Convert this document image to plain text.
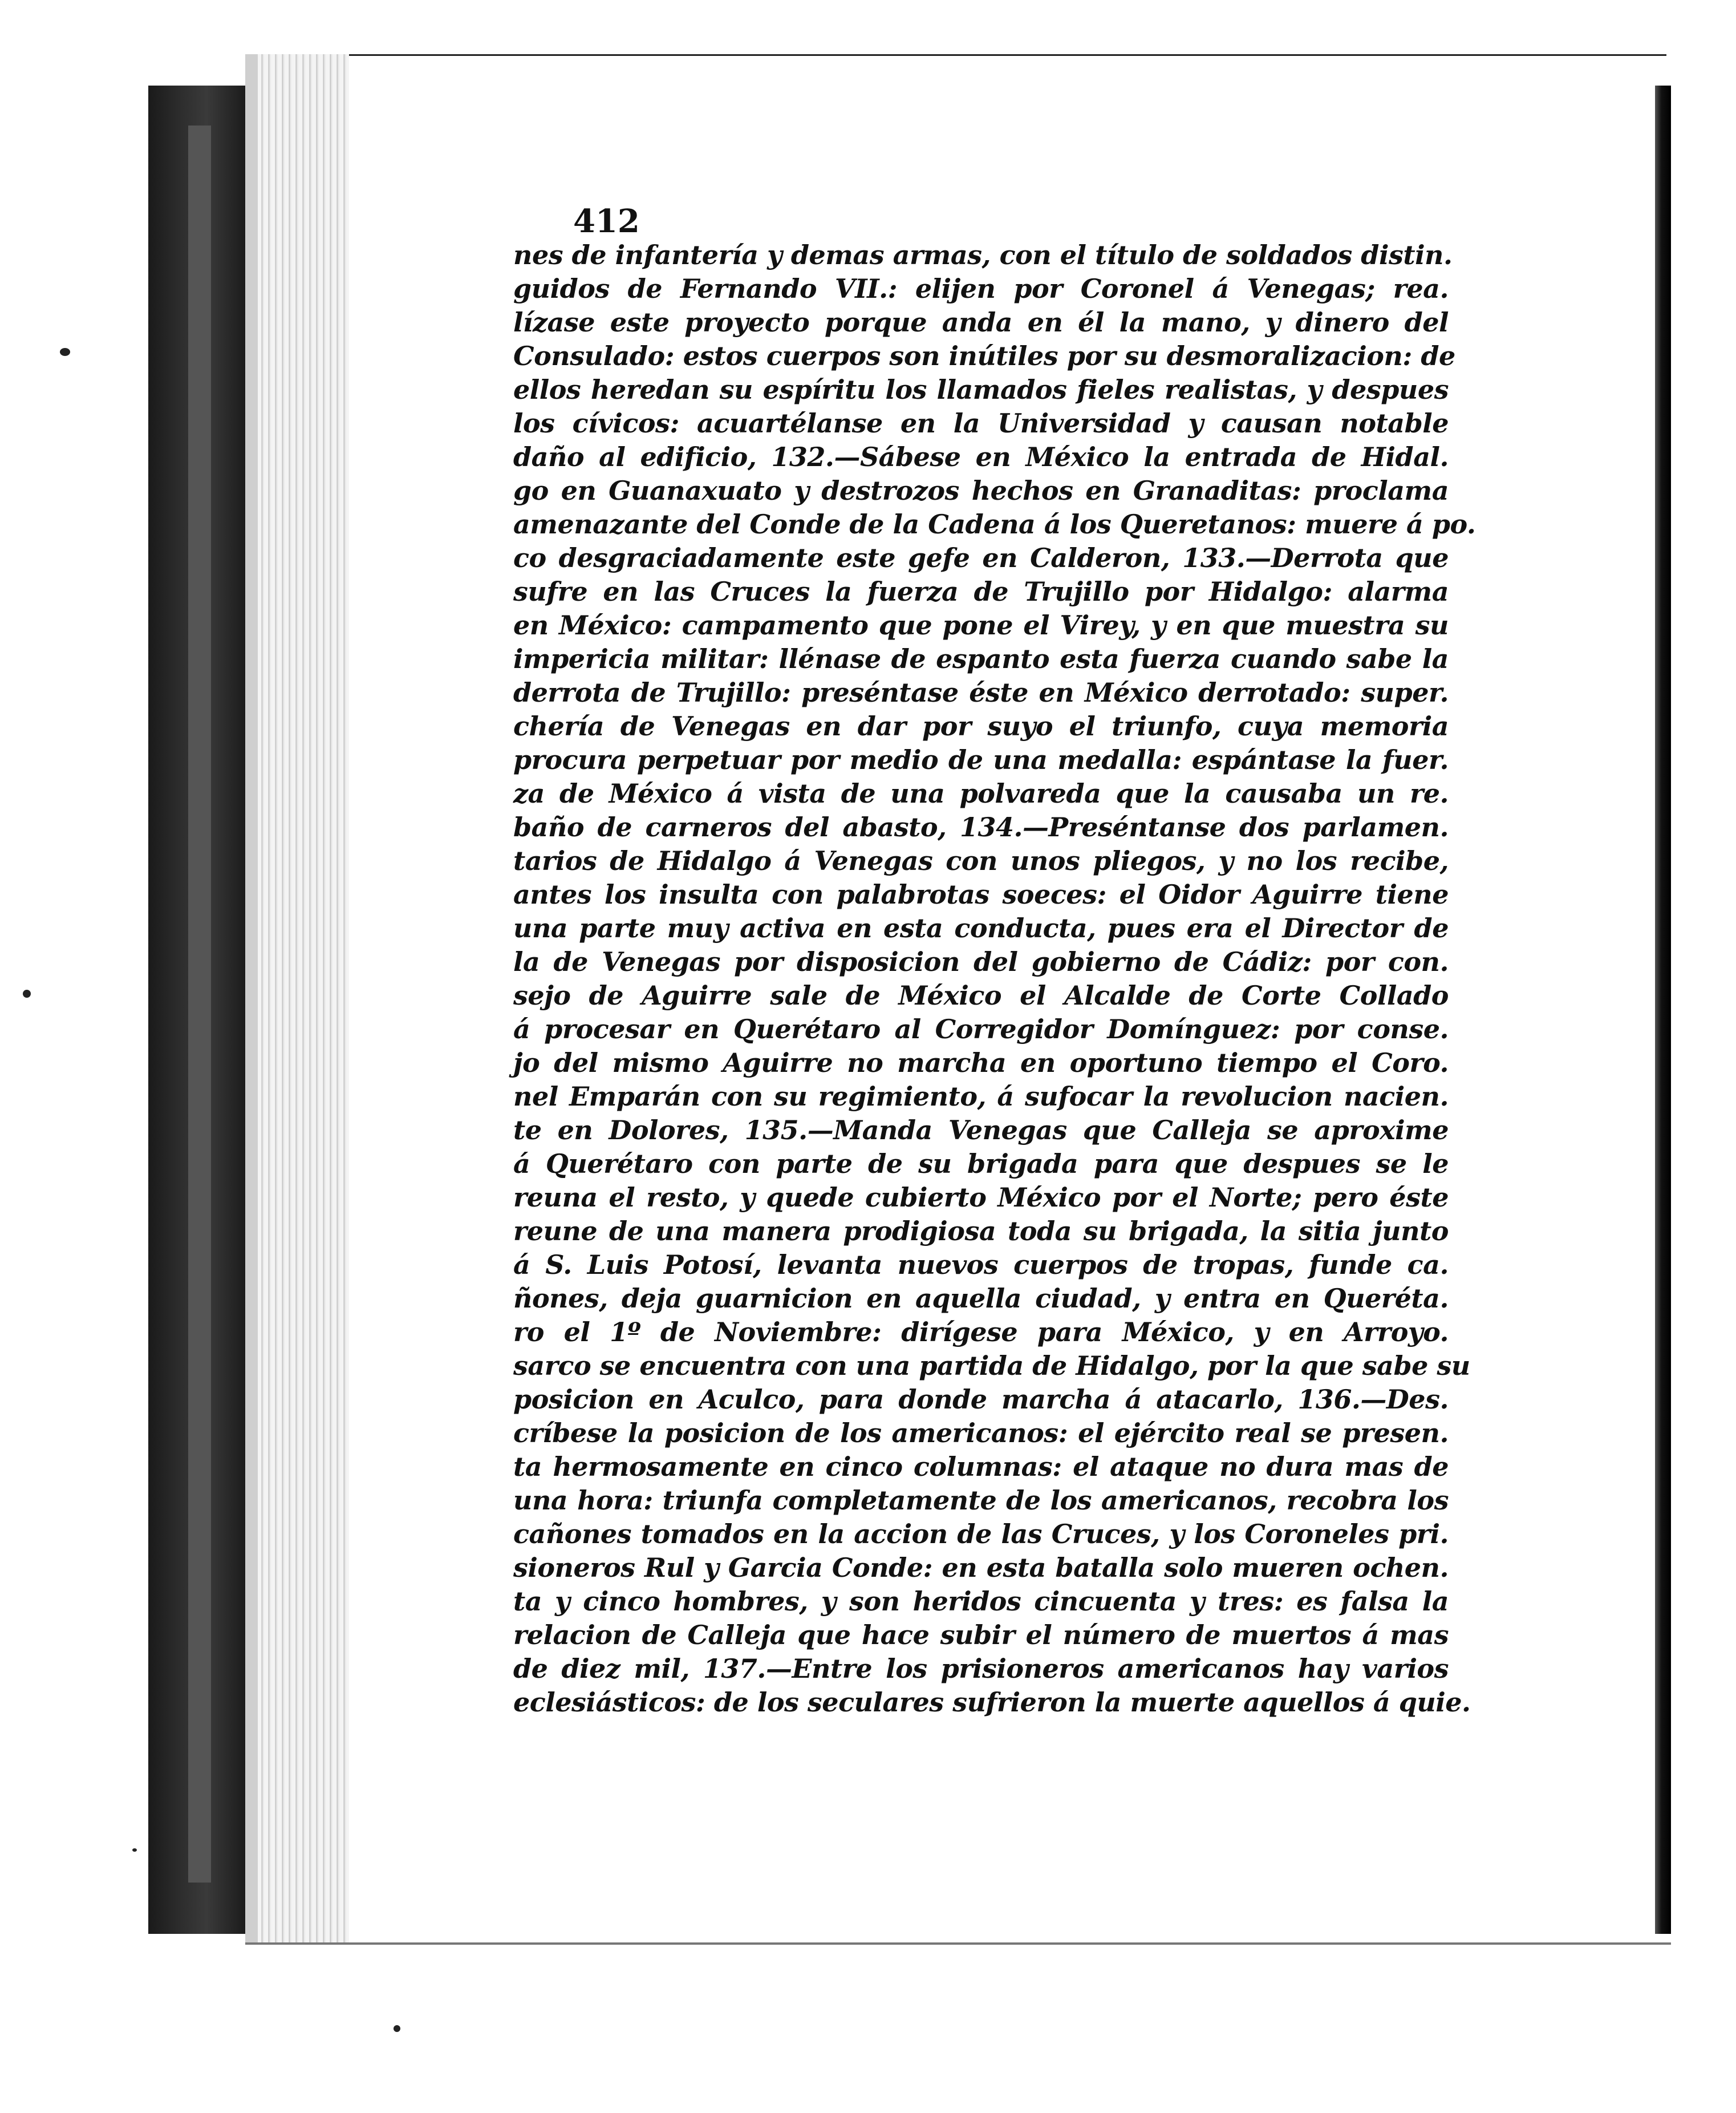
412
nes de infantería y demas armas, con el título de soldados distin.
guidos de Fernando VII.: elijen por Coronel á Venegas; rea.
lízase este proyecto porque anda en él la mano, y dinero del
Consulado: estos cuerpos son inútiles por su desmoralizacion: de
ellos heredan su espíritu los llamados fieles realistas, y despues
los cívicos: acuartélanse en la Universidad y causan notable
daño al edificio, 132.—Sábese en México la entrada de Hidal.
go en Guanaxuato y destrozos hechos en Granaditas: proclama
amenazante del Conde de la Cadena á los Queretanos: muere á po.
co desgraciadamente este gefe en Calderon, 133.—Derrota que
sufre en las Cruces la fuerza de Trujillo por Hidalgo: alarma
en México: campamento que pone el Virey, y en que muestra su
impericia militar: llénase de espanto esta fuerza cuando sabe la
derrota de Trujillo: preséntase éste en México derrotado: super.
chería de Venegas en dar por suyo el triunfo, cuya memoria
procura perpetuar por medio de una medalla: espántase la fuer.
za de México á vista de una polvareda que la causaba un re.
baño de carneros del abasto, 134.—Preséntanse dos parlamen.
tarios de Hidalgo á Venegas con unos pliegos, y no los recibe,
antes los insulta con palabrotas soeces: el Oidor Aguirre tiene
una parte muy activa en esta conducta, pues era el Director de
la de Venegas por disposicion del gobierno de Cádiz: por con.
sejo de Aguirre sale de México el Alcalde de Corte Collado
á procesar en Querétaro al Corregidor Domínguez: por conse.
jo del mismo Aguirre no marcha en oportuno tiempo el Coro.
nel Emparán con su regimiento, á sufocar la revolucion nacien.
te en Dolores, 135.—Manda Venegas que Calleja se aproxime
á Querétaro con parte de su brigada para que despues se le
reuna el resto, y quede cubierto México por el Norte; pero éste
reune de una manera prodigiosa toda su brigada, la sitia junto
á S. Luis Potosí, levanta nuevos cuerpos de tropas, funde ca.
ñones, deja guarnicion en aquella ciudad, y entra en Queréta.
ro el 1º de Noviembre: dirígese para México, y en Arroyo.
sarco se encuentra con una partida de Hidalgo, por la que sabe su
posicion en Aculco, para donde marcha á atacarlo, 136.—Des.
críbese la posicion de los americanos: el ejército real se presen.
ta hermosamente en cinco columnas: el ataque no dura mas de
una hora: triunfa completamente de los americanos, recobra los
cañones tomados en la accion de las Cruces, y los Coroneles pri.
sioneros Rul y Garcia Conde: en esta batalla solo mueren ochen.
ta y cinco hombres, y son heridos cincuenta y tres: es falsa la
relacion de Calleja que hace subir el número de muertos á mas
de diez mil, 137.—Entre los prisioneros americanos hay varios
eclesiásticos: de los seculares sufrieron la muerte aquellos á quie.
